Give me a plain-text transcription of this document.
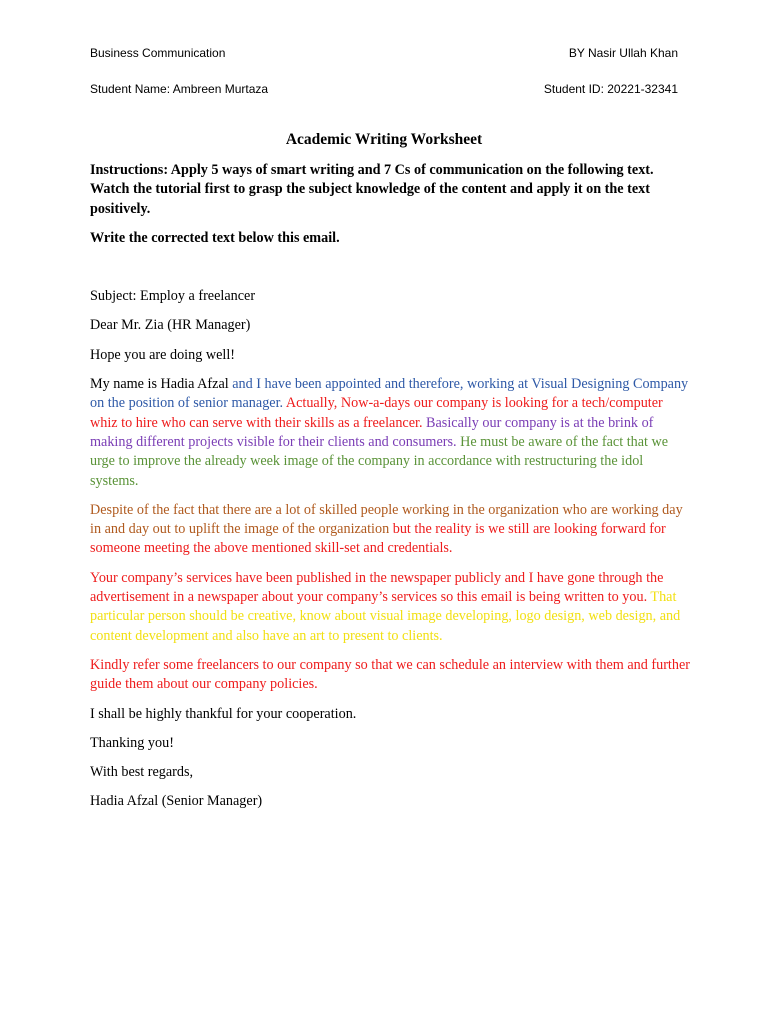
Business Communication	BY Nasir Ullah Khan
Student Name: Ambreen Murtaza	Student ID: 20221-32341
Academic Writing Worksheet

Instructions: Apply 5 ways of smart writing and 7 Cs of communication on the following text. Watch the tutorial first to grasp the subject knowledge of the content and apply it on the text positively.

Write the corrected text below this email.

Subject: Employ a freelancer

Dear Mr. Zia (HR Manager)

Hope you are doing well!

My name is Hadia Afzal and I have been appointed and therefore, working at Visual Designing Company on the position of senior manager. Actually, Now-a-days our company is looking for a tech/computer whiz to hire who can serve with their skills as a freelancer. Basically our company is at the brink of making different projects visible for their clients and consumers. He must be aware of the fact that we urge to improve the already week image of the company in accordance with restructuring the idol systems.

Despite of the fact that there are a lot of skilled people working in the organization who are working day in and day out to uplift the image of the organization but the reality is we still are looking forward for someone meeting the above mentioned skill-set and credentials.

Your company’s services have been published in the newspaper publicly and I have gone through the advertisement in a newspaper about your company’s services so this email is being written to you. That particular person should be creative, know about visual image developing, logo design, web design, and content development and also have an art to present to clients.

Kindly refer some freelancers to our company so that we can schedule an interview with them and further guide them about our company policies.

I shall be highly thankful for your cooperation.

Thanking you!

With best regards,

Hadia Afzal (Senior Manager)
